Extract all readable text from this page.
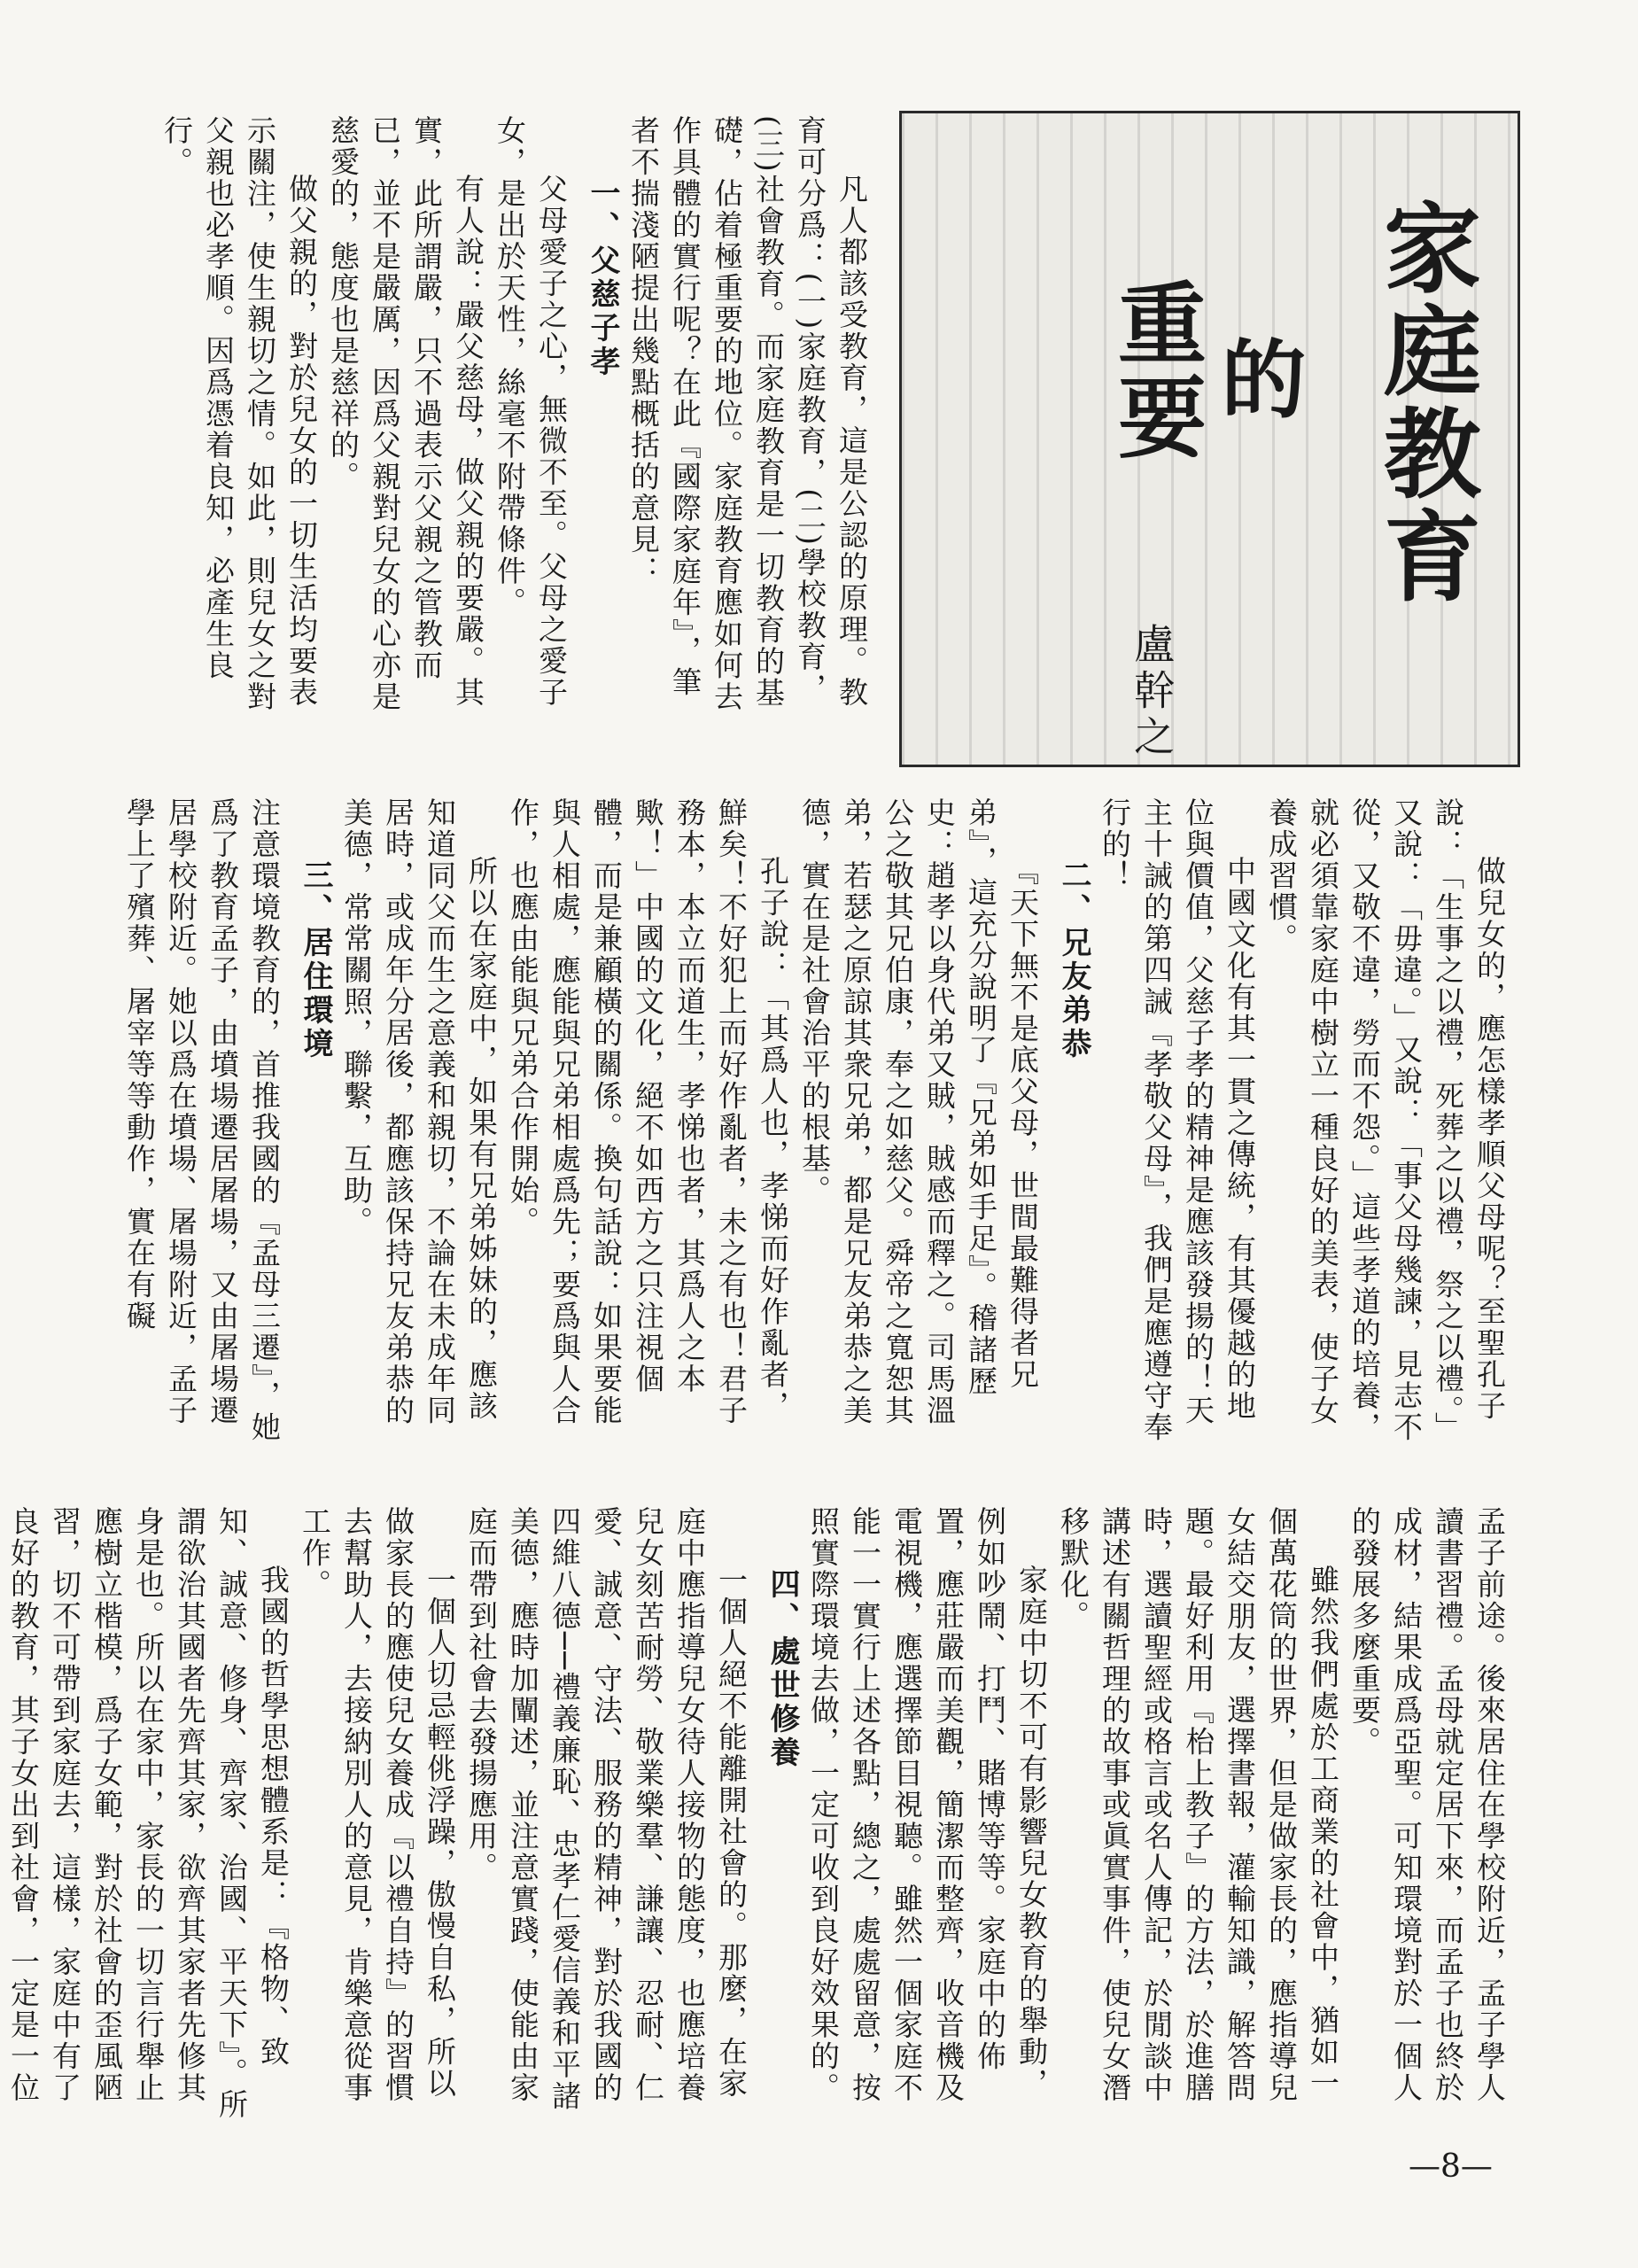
家庭教育
的
重要
盧幹之

凡人都該受教育，這是公認的原理。教育可分爲：(一)家庭教育，(二)學校教育，(三)社會教育。而家庭教育是一切教育的基礎，佔着極重要的地位。家庭教育應如何去作具體的實行呢？在此『國際家庭年』，筆者不揣淺陋提出幾點概括的意見：

一、父慈子孝

父母愛子之心，無微不至。父母之愛子女，是出於天性，絲毫不附帶條件。

有人說：嚴父慈母，做父親的要嚴。其實，此所謂嚴，只不過表示父親之管教而已，並不是嚴厲，因爲父親對兒女的心亦是慈愛的，態度也是慈祥的。

做父親的，對於兒女的一切生活均要表示關注，使生親切之情。如此，則兒女之對父親也必孝順。因爲憑着良知，必產生良行。

做兒女的，應怎樣孝順父母呢？至聖孔子說：「生事之以禮，死葬之以禮，祭之以禮。」又說：「毋違。」又說：「事父母幾諫，見志不從，又敬不違，勞而不怨。」這些孝道的培養，就必須靠家庭中樹立一種良好的美表，使子女養成習慣。

中國文化有其一貫之傳統，有其優越的地位與價值，父慈子孝的精神是應該發揚的！天主十誡的第四誡『孝敬父母』，我們是應遵守奉行的！

二、兄友弟恭

『天下無不是底父母，世間最難得者兄弟』，這充分說明了『兄弟如手足』。稽諸歷史：趙孝以身代弟又賊，賊感而釋之。司馬溫公之敬其兄伯康，奉之如慈父。舜帝之寬恕其弟，若瑟之原諒其衆兄弟，都是兄友弟恭之美德，實在是社會治平的根基。

孔子說：「其爲人也，孝悌而好作亂者，鮮矣！不好犯上而好作亂者，未之有也！君子務本，本立而道生，孝悌也者，其爲人之本歟！」中國的文化，絕不如西方之只注視個體，而是兼顧橫的關係。換句話說：如果要能與人相處，應能與兄弟相處爲先；要爲與人合作，也應由能與兄弟合作開始。

所以在家庭中，如果有兄弟姊妹的，應該知道同父而生之意義和親切，不論在未成年同居時，或成年分居後，都應該保持兄友弟恭的美德，常常關照，聯繫，互助。

三、居住環境

注意環境教育的，首推我國的『孟母三遷』，她爲了教育孟子，由墳場遷居屠場，又由屠場遷居學校附近。她以爲在墳場、屠場附近，孟子學上了殯葬、屠宰等等動作，實在有礙

孟子前途。後來居住在學校附近，孟子學人讀書習禮。孟母就定居下來，而孟子也終於成材，結果成爲亞聖。可知環境對於一個人的發展多麼重要。

雖然我們處於工商業的社會中，猶如一個萬花筒的世界，但是做家長的，應指導兒女結交朋友，選擇書報，灌輸知識，解答問題。最好利用『枱上教子』的方法，於進膳時，選讀聖經或格言或名人傳記，於閒談中講述有關哲理的故事或眞實事件，使兒女潛移默化。

家庭中切不可有影響兒女教育的舉動，例如吵鬧、打鬥、賭博等等。家庭中的佈置，應莊嚴而美觀，簡潔而整齊，收音機及電視機，應選擇節目視聽。雖然一個家庭不能一一實行上述各點，總之，處處留意，按照實際環境去做，一定可收到良好效果的。

四、處世修養

一個人絕不能離開社會的。那麼，在家庭中應指導兒女待人接物的態度，也應培養兒女刻苦耐勞、敬業樂羣、謙讓、忍耐、仁愛、誠意、守法、服務的精神，對於我國的四維八德──禮義廉恥、忠孝仁愛信義和平諸美德，應時加闡述，並注意實踐，使能由家庭而帶到社會去發揚應用。

一個人切忌輕佻浮躁，傲慢自私，所以做家長的應使兒女養成『以禮自持』的習慣去幫助人，去接納別人的意見，肯樂意從事工作。

我國的哲學思想體系是：『格物、致知、誠意、修身、齊家、治國、平天下』。所謂欲治其國者先齊其家，欲齊其家者先修其身是也。所以在家中，家長的一切言行舉止應樹立楷模，爲子女範，對於社會的歪風陋習，切不可帶到家庭去，這樣，家庭中有了良好的教育，其子女出到社會，一定是一位

—8—
